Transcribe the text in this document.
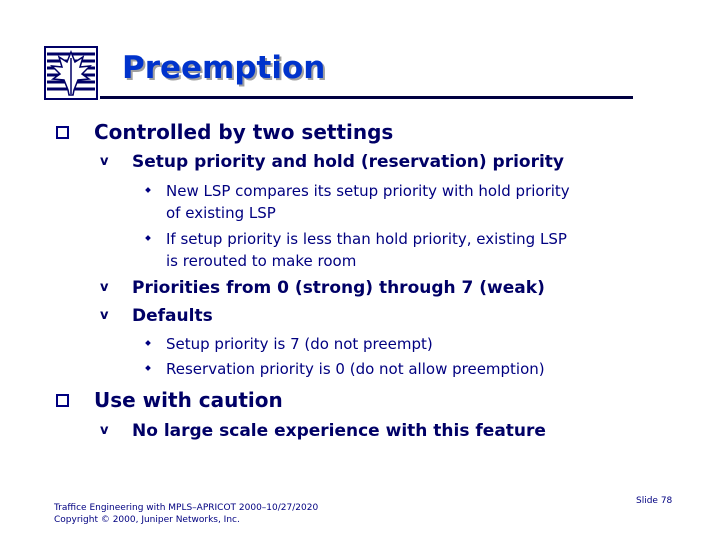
Preemption
Controlled by two settings
v Setup priority and hold (reservation) priority
New LSP compares its setup priority with hold priority
of existing LSP
If setup priority is less than hold priority, existing LSP
is rerouted to make room
v Priorities from 0 (strong) through 7 (weak)
v Defaults
Setup priority is 7 (do not preempt)
Reservation priority is 0 (do not allow preemption)
Use with caution
v No large scale experience with this feature
Traffice Engineering with MPLS–APRICOT 2000–10/27/2020
Copyright © 2000, Juniper Networks, Inc.
Slide 78
